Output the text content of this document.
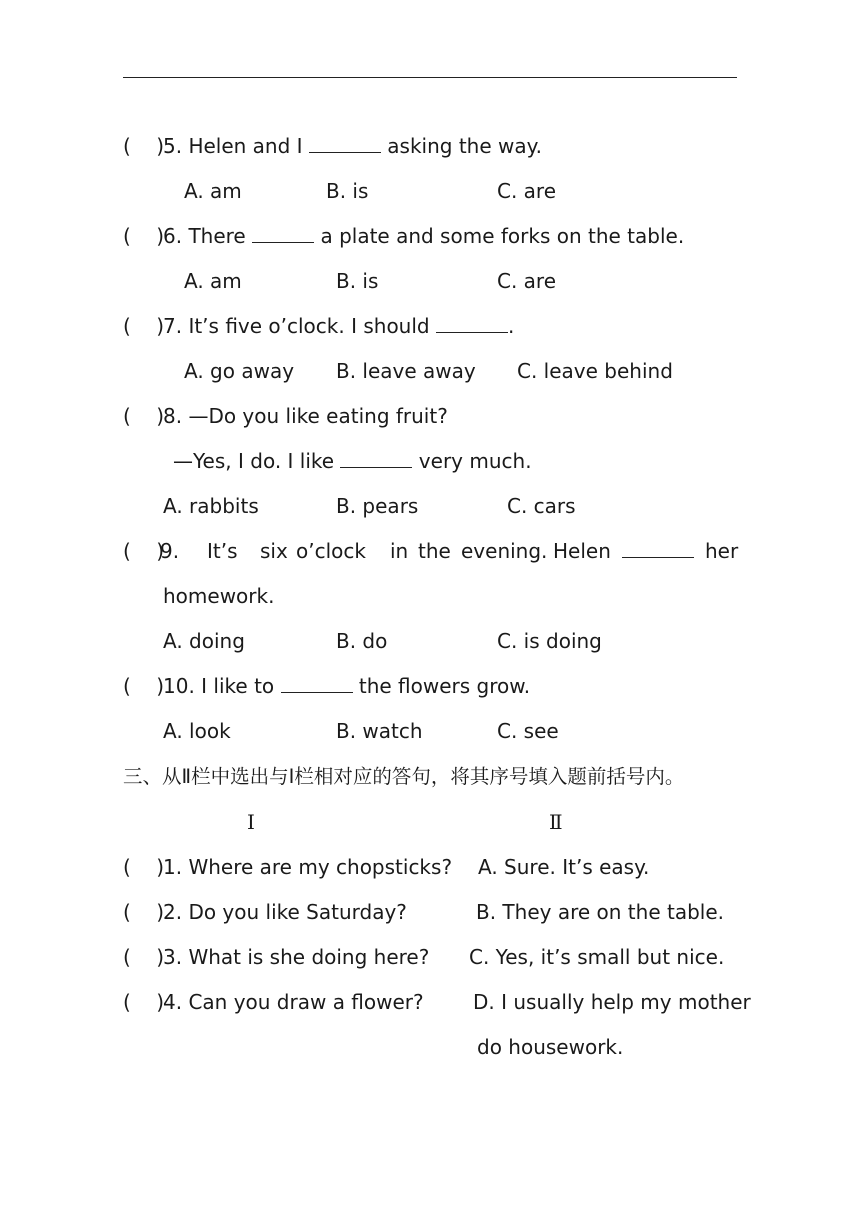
(    )
5. Helen and I	asking the way.
A. am	B. is	C. are
(    )
6. There	a plate and some forks on the table.
A. am	B. is	C. are
(    )
7. It’s five o’clock. I should	.
A. go away B. leave away C. leave behind
(    )
8. —Do you like eating fruit?
—Yes, I do. I like	very much.
A. rabbits	B. pears	C. cars
(    )
9. It’s six o’clock in the evening. Helen	her
homework.
A. doing	B. do	C. is doing
(    )
10. I like to	the flowers grow.
A. look	B. watch	C. see
三、从Ⅱ栏中选出与Ⅰ栏相对应的答句，将其序号填入题前括号内。
Ⅰ	Ⅱ
(    )
1. Where are my chopsticks? A. Sure. It’s easy.
(    )
2. Do you like Saturday?	B. They are on the table.
(    )
3. What is she doing here? C. Yes, it’s small but nice.
(    )
4. Can you draw a flower? D. I usually help my mother
do housework.
